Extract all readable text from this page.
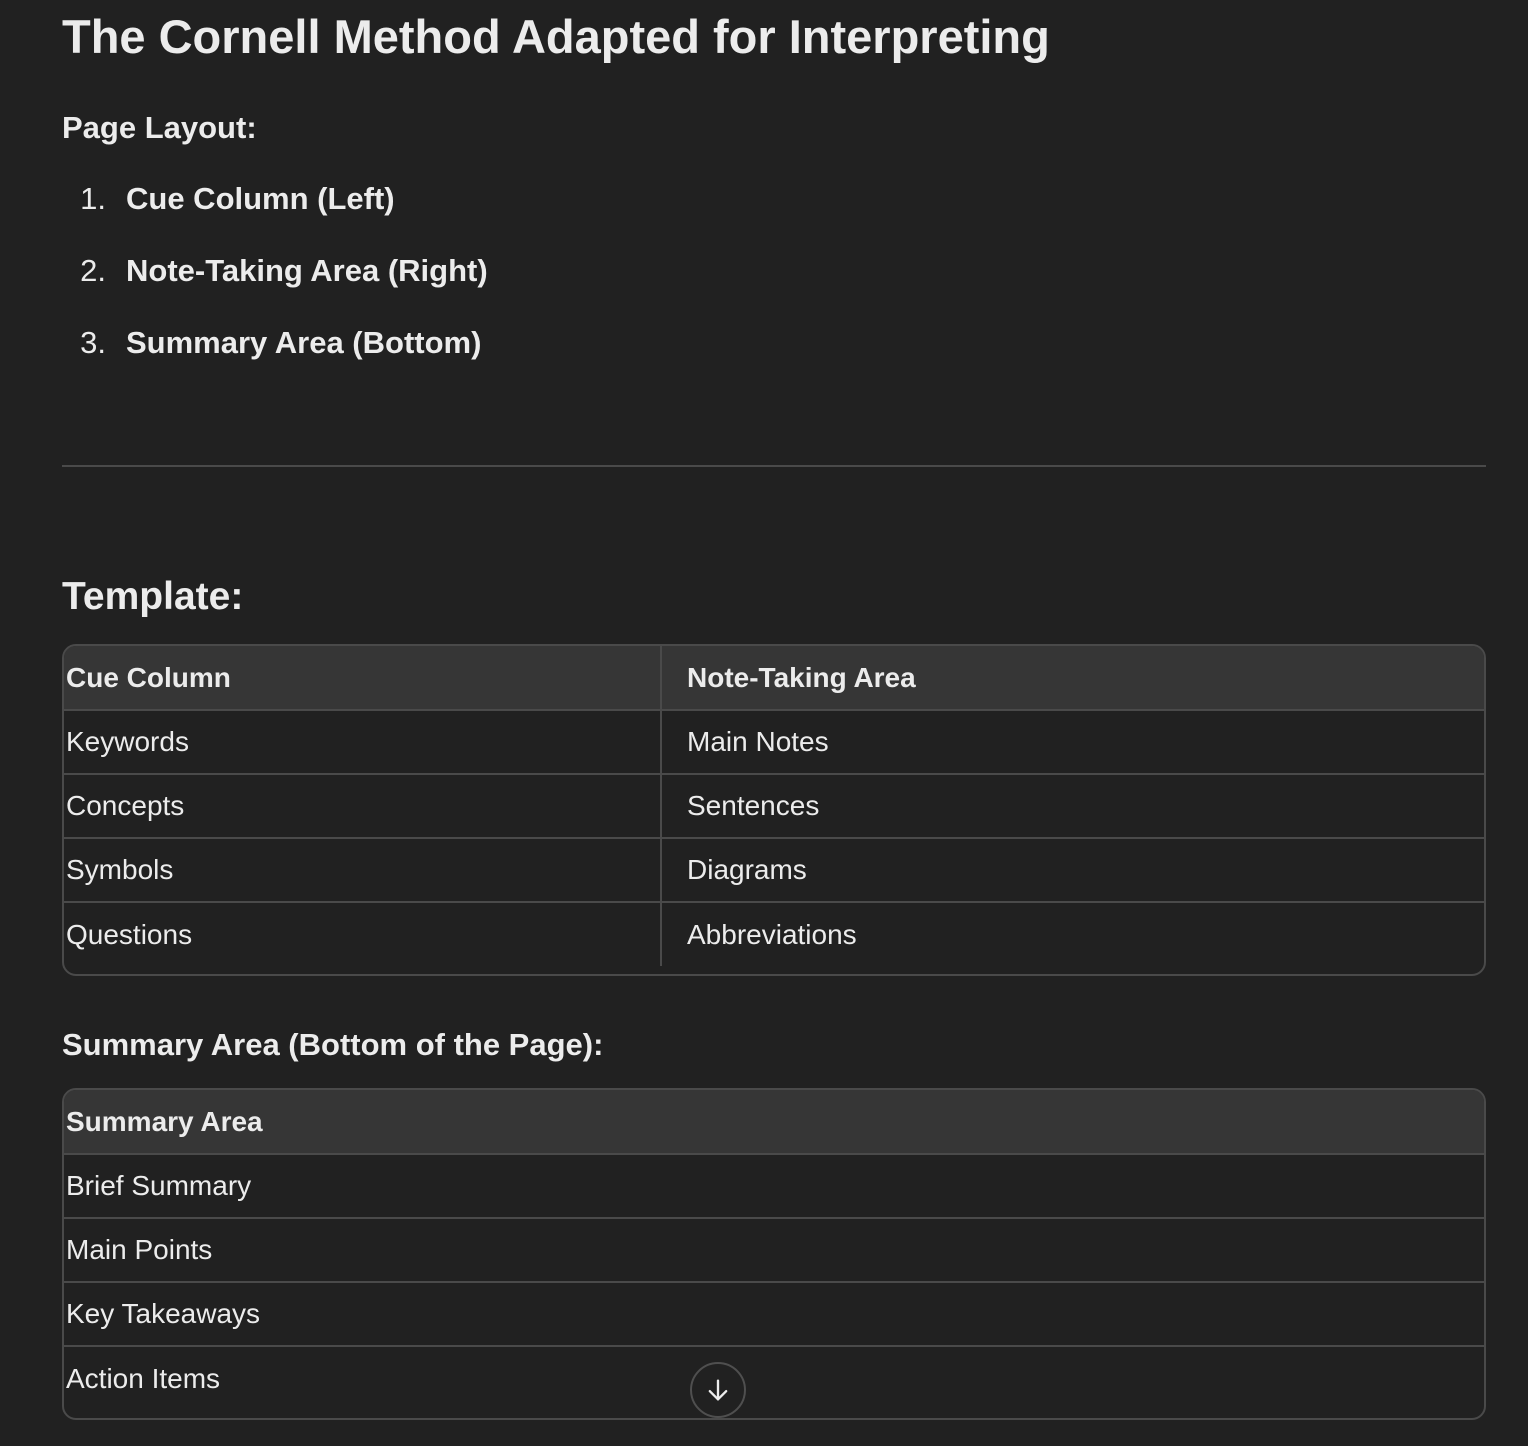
The Cornell Method Adapted for Interpreting
Page Layout:
1. Cue Column (Left)
2. Note-Taking Area (Right)
3. Summary Area (Bottom)
Template:
Cue Column	Note-Taking Area
Keywords	Main Notes
Concepts	Sentences
Symbols	Diagrams
Questions	Abbreviations
Summary Area (Bottom of the Page):
Summary Area
Brief Summary
Main Points
Key Takeaways
Action Items
